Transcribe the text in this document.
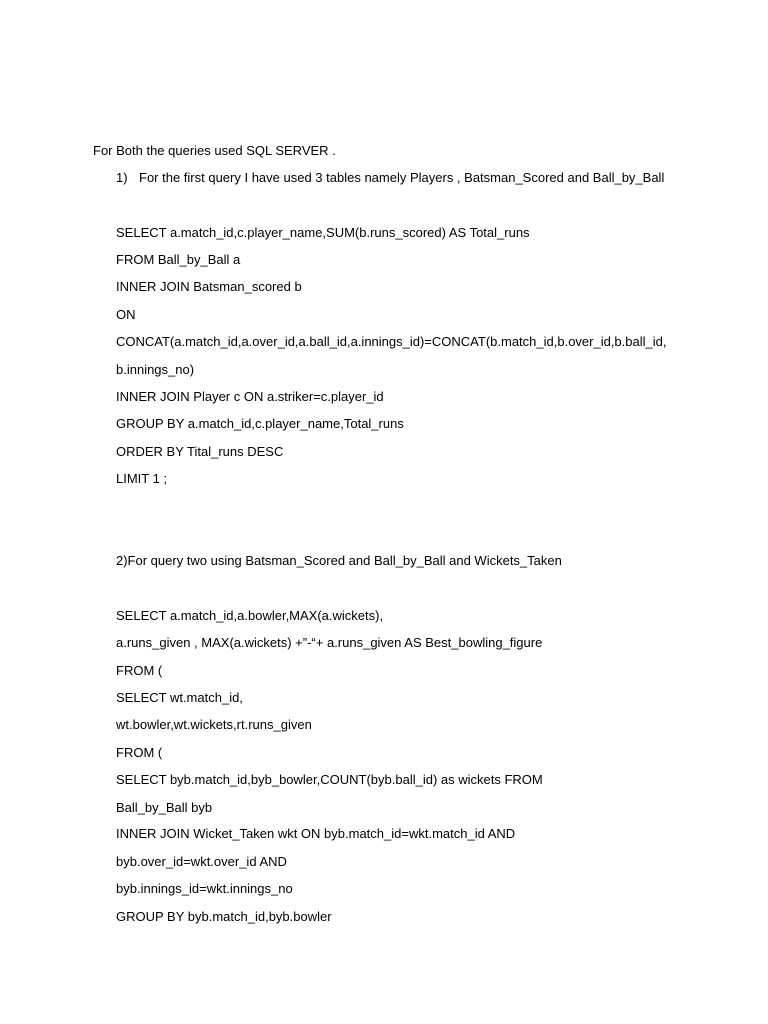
For Both the queries used SQL SERVER .
1) For the first query I have used 3 tables namely Players , Batsman_Scored and Ball_by_Ball
SELECT a.match_id,c.player_name,SUM(b.runs_scored) AS Total_runs
FROM Ball_by_Ball a
INNER JOIN Batsman_scored b
ON
CONCAT(a.match_id,a.over_id,a.ball_id,a.innings_id)=CONCAT(b.match_id,b.over_id,b.ball_id,
b.innings_no)
INNER JOIN Player c ON a.striker=c.player_id
GROUP BY a.match_id,c.player_name,Total_runs
ORDER BY Tital_runs DESC
LIMIT 1 ;
2)For query two using Batsman_Scored and Ball_by_Ball and Wickets_Taken
SELECT a.match_id,a.bowler,MAX(a.wickets),
a.runs_given , MAX(a.wickets) +”-“+ a.runs_given AS Best_bowling_figure
FROM (
SELECT wt.match_id,
wt.bowler,wt.wickets,rt.runs_given
FROM (
SELECT byb.match_id,byb_bowler,COUNT(byb.ball_id) as wickets FROM
Ball_by_Ball byb
INNER JOIN Wicket_Taken wkt ON byb.match_id=wkt.match_id AND
byb.over_id=wkt.over_id AND
byb.innings_id=wkt.innings_no
GROUP BY byb.match_id,byb.bowler
